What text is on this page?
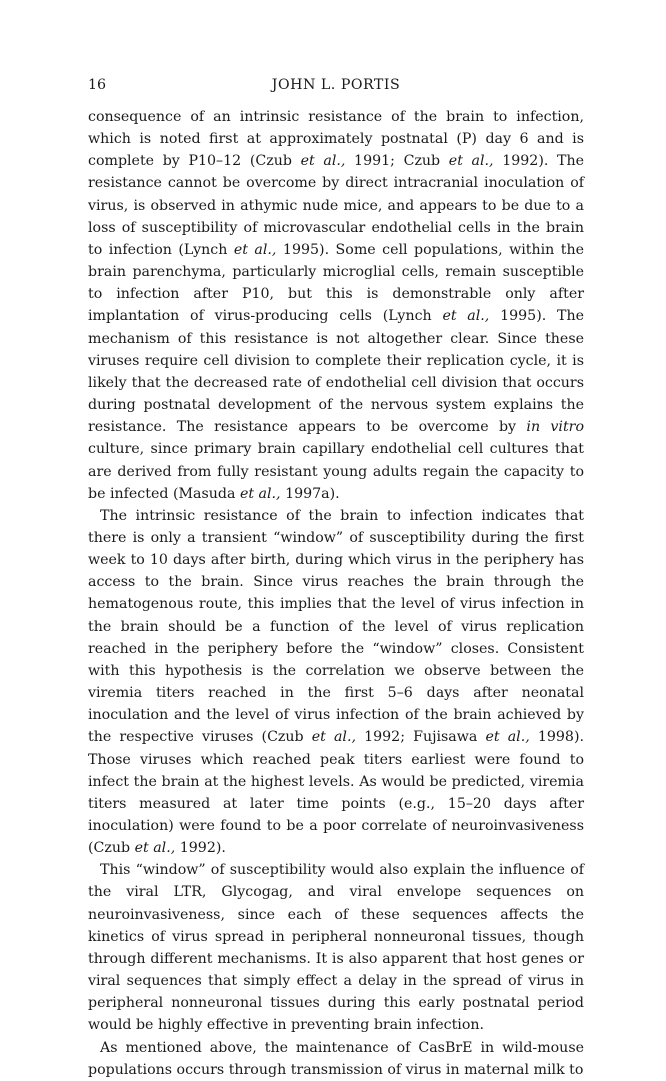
16	JOHN L. PORTIS

consequence of an intrinsic resistance of the brain to infection, which is noted first at approximately postnatal (P) day 6 and is complete by P10–12 (Czub et al., 1991; Czub et al., 1992). The resistance cannot be overcome by direct intracranial inoculation of virus, is observed in athymic nude mice, and appears to be due to a loss of susceptibility of microvascular endothelial cells in the brain to infection (Lynch et al., 1995). Some cell populations, within the brain parenchyma, particularly microglial cells, remain susceptible to infection after P10, but this is demonstrable only after implantation of virus-producing cells (Lynch et al., 1995). The mechanism of this resistance is not altogether clear. Since these viruses require cell division to complete their replication cycle, it is likely that the decreased rate of endothelial cell division that occurs during postnatal development of the nervous system explains the resistance. The resistance appears to be overcome by in vitro culture, since primary brain capillary endothelial cell cultures that are derived from fully resistant young adults regain the capacity to be infected (Masuda et al., 1997a).

The intrinsic resistance of the brain to infection indicates that there is only a transient “window” of susceptibility during the first week to 10 days after birth, during which virus in the periphery has access to the brain. Since virus reaches the brain through the hematogenous route, this implies that the level of virus infection in the brain should be a function of the level of virus replication reached in the periphery before the “window” closes. Consistent with this hypothesis is the correlation we observe between the viremia titers reached in the first 5–6 days after neonatal inoculation and the level of virus infection of the brain achieved by the respective viruses (Czub et al., 1992; Fujisawa et al., 1998). Those viruses which reached peak titers earliest were found to infect the brain at the highest levels. As would be predicted, viremia titers measured at later time points (e.g., 15–20 days after inoculation) were found to be a poor correlate of neuroinvasiveness (Czub et al., 1992).

This “window” of susceptibility would also explain the influence of the viral LTR, Glycogag, and viral envelope sequences on neuroinvasiveness, since each of these sequences affects the kinetics of virus spread in peripheral nonneuronal tissues, though through different mechanisms. It is also apparent that host genes or viral sequences that simply effect a delay in the spread of virus in peripheral nonneuronal tissues during this early postnatal period would be highly effective in preventing brain infection.

As mentioned above, the maintenance of CasBrE in wild-mouse populations occurs through transmission of virus in maternal milk to
